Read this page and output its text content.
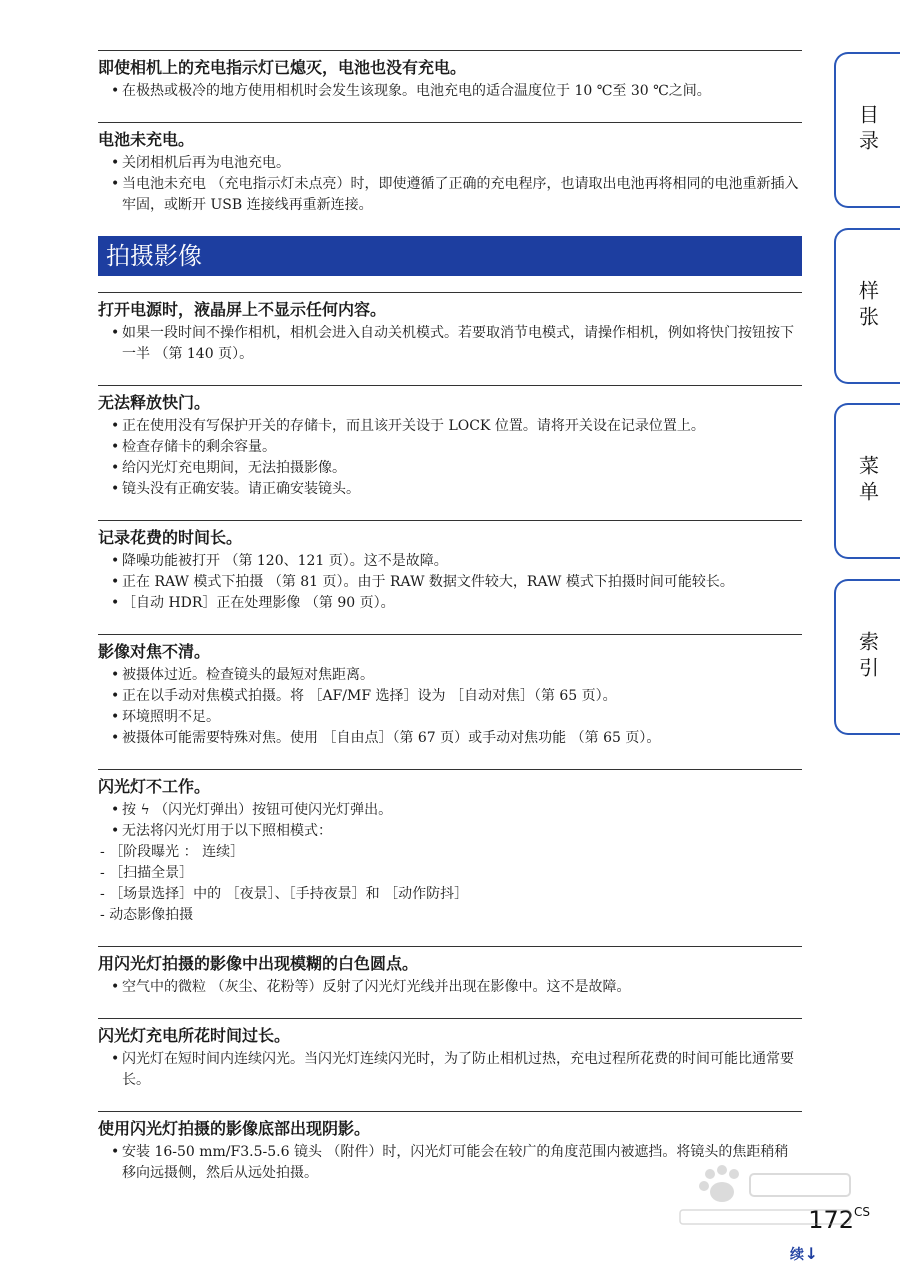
即使相机上的充电指示灯已熄灭，电池也没有充电。
• 在极热或极冷的地方使用相机时会发生该现象。电池充电的适合温度位于 10 ℃至 30 ℃之间。
电池未充电。
• 关闭相机后再为电池充电。
• 当电池未充电 （充电指示灯未点亮）时，即使遵循了正确的充电程序，也请取出电池再将相同的电池重新插入牢固，或断开 USB 连接线再重新连接。
拍摄影像
打开电源时，液晶屏上不显示任何内容。
• 如果一段时间不操作相机，相机会进入自动关机模式。若要取消节电模式，请操作相机，例如将快门按钮按下一半 （第 140 页）。
无法释放快门。
• 正在使用没有写保护开关的存储卡，而且该开关设于 LOCK 位置。请将开关设在记录位置上。
• 检查存储卡的剩余容量。
• 给闪光灯充电期间，无法拍摄影像。
• 镜头没有正确安装。请正确安装镜头。
记录花费的时间长。
• 降噪功能被打开 （第 120、121 页）。这不是故障。
• 正在 RAW 模式下拍摄 （第 81 页）。由于 RAW 数据文件较大，RAW 模式下拍摄时间可能较长。
• ［自动 HDR］正在处理影像 （第 90 页）。
影像对焦不清。
• 被摄体过近。检查镜头的最短对焦距离。
• 正在以手动对焦模式拍摄。将 ［AF/MF 选择］设为 ［自动对焦］（第 65 页）。
• 环境照明不足。
• 被摄体可能需要特殊对焦。使用 ［自由点］（第 67 页）或手动对焦功能 （第 65 页）。
闪光灯不工作。
• 按 ϟ （闪光灯弹出）按钮可使闪光灯弹出。
• 无法将闪光灯用于以下照相模式：
- ［阶段曝光 ： 连续］
- ［扫描全景］
- ［场景选择］中的 ［夜景］、［手持夜景］和 ［动作防抖］
- 动态影像拍摄
用闪光灯拍摄的影像中出现模糊的白色圆点。
• 空气中的微粒 （灰尘、花粉等）反射了闪光灯光线并出现在影像中。这不是故障。
闪光灯充电所花时间过长。
• 闪光灯在短时间内连续闪光。当闪光灯连续闪光时，为了防止相机过热，充电过程所花费的时间可能比通常要长。
使用闪光灯拍摄的影像底部出现阴影。
• 安装 16-50 mm/F3.5-5.6 镜头 （附件）时，闪光灯可能会在较广的角度范围内被遮挡。将镜头的焦距稍稍移向远摄侧，然后从远处拍摄。
目录
样张
菜单
索引
$172^{CS}$
续 ↓
